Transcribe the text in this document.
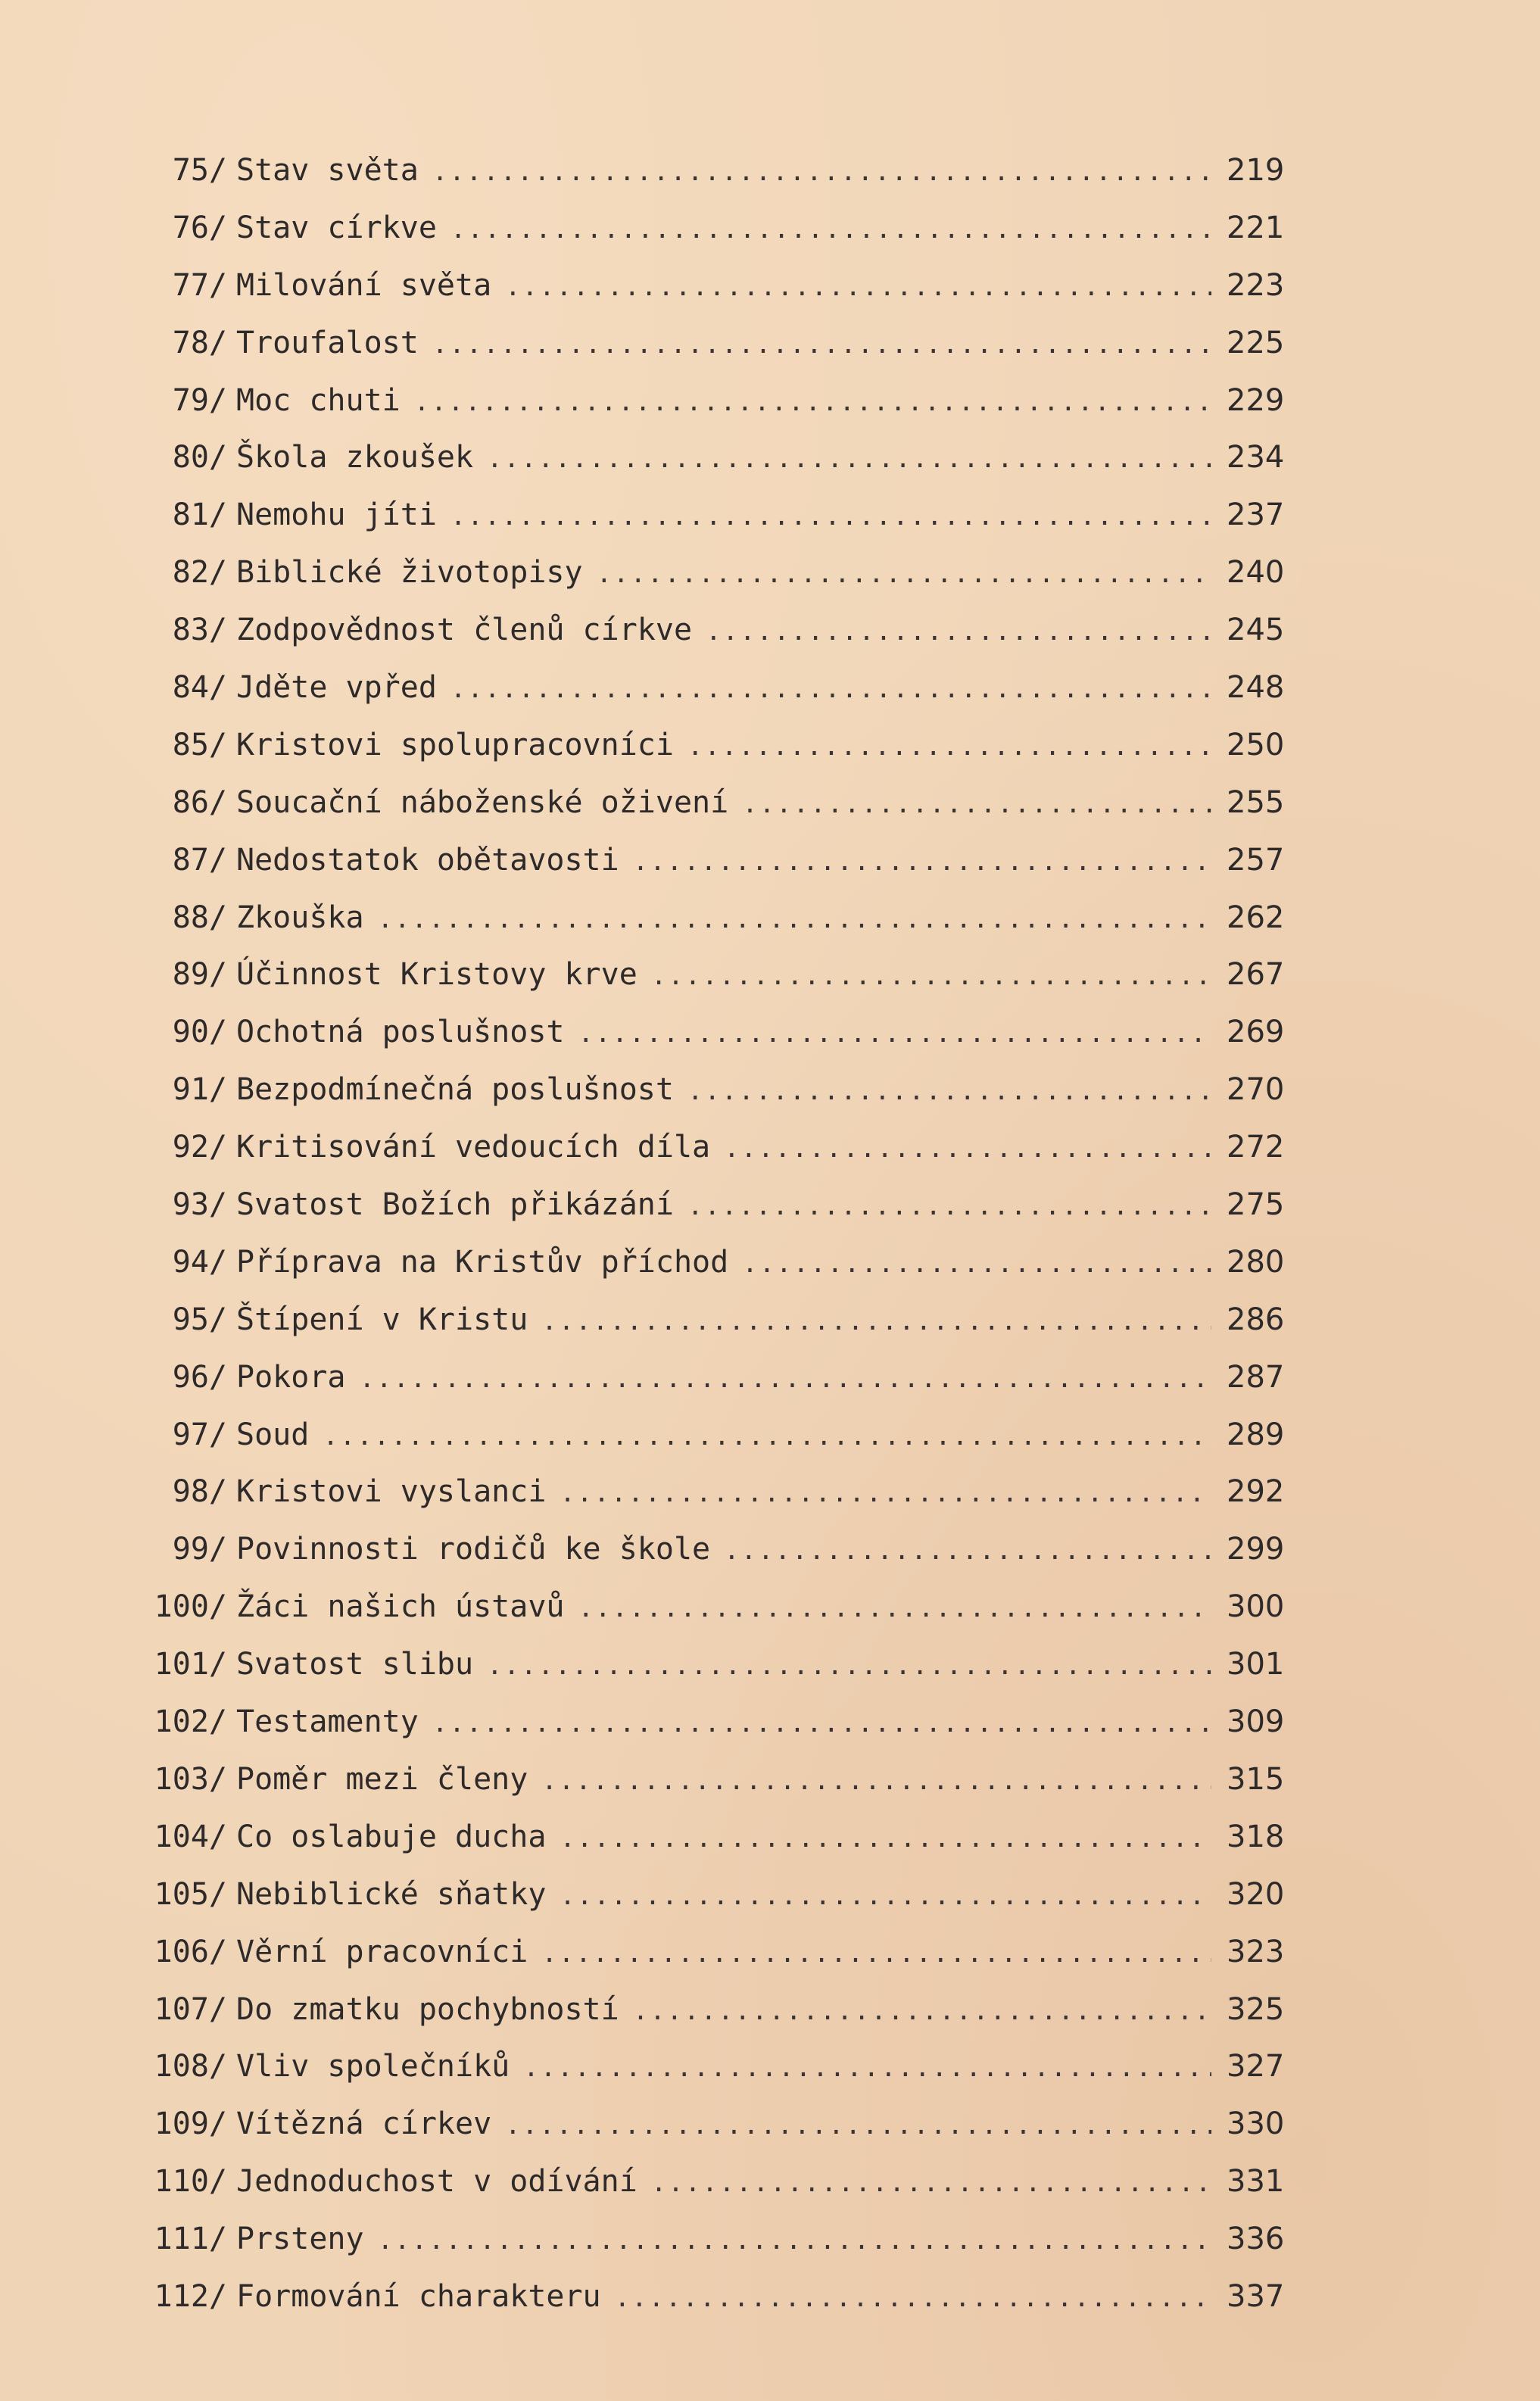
75/ Stav světa .....	219
76/ Stav církve .....	221
77/ Milování světa .....	223
78/ Troufalost .....	225
79/ Moc chuti .....	229
80/ Škola zkoušek .....	234
81/ Nemohu jíti .....	237
82/ Biblické životopisy .....	240
83/ Zodpovědnost členů církve .....	245
84/ Jděte vpřed .....	248
85/ Kristovi spolupracovníci .....	250
86/ Soucační náboženské oživení .....	255
87/ Nedostatok obětavosti .....	257
88/ Zkouška .....	262
89/ Účinnost Kristovy krve .....	267
90/ Ochotná poslušnost .....	269
91/ Bezpodmínečná poslušnost .....	270
92/ Kritisování vedoucích díla .....	272
93/ Svatost Božích přikázání .....	275
94/ Příprava na Kristův příchod .....	280
95/ Štípení v Kristu .....	286
96/ Pokora .....	287
97/ Soud .....	289
98/ Kristovi vyslanci .....	292
99/ Povinnosti rodičů ke škole .....	299
100/ Žáci našich ústavů .....	300
101/ Svatost slibu .....	301
102/ Testamenty .....	309
103/ Poměr mezi členy .....	315
104/ Co oslabuje ducha .....	318
105/ Nebiblické sňatky .....	320
106/ Věrní pracovníci .....	323
107/ Do zmatku pochybností .....	325
108/ Vliv společníků .....	327
109/ Vítězná církev .....	330
110/ Jednoduchost v odívání .....	331
111/ Prsteny .....	336
112/ Formování charakteru .....	337
